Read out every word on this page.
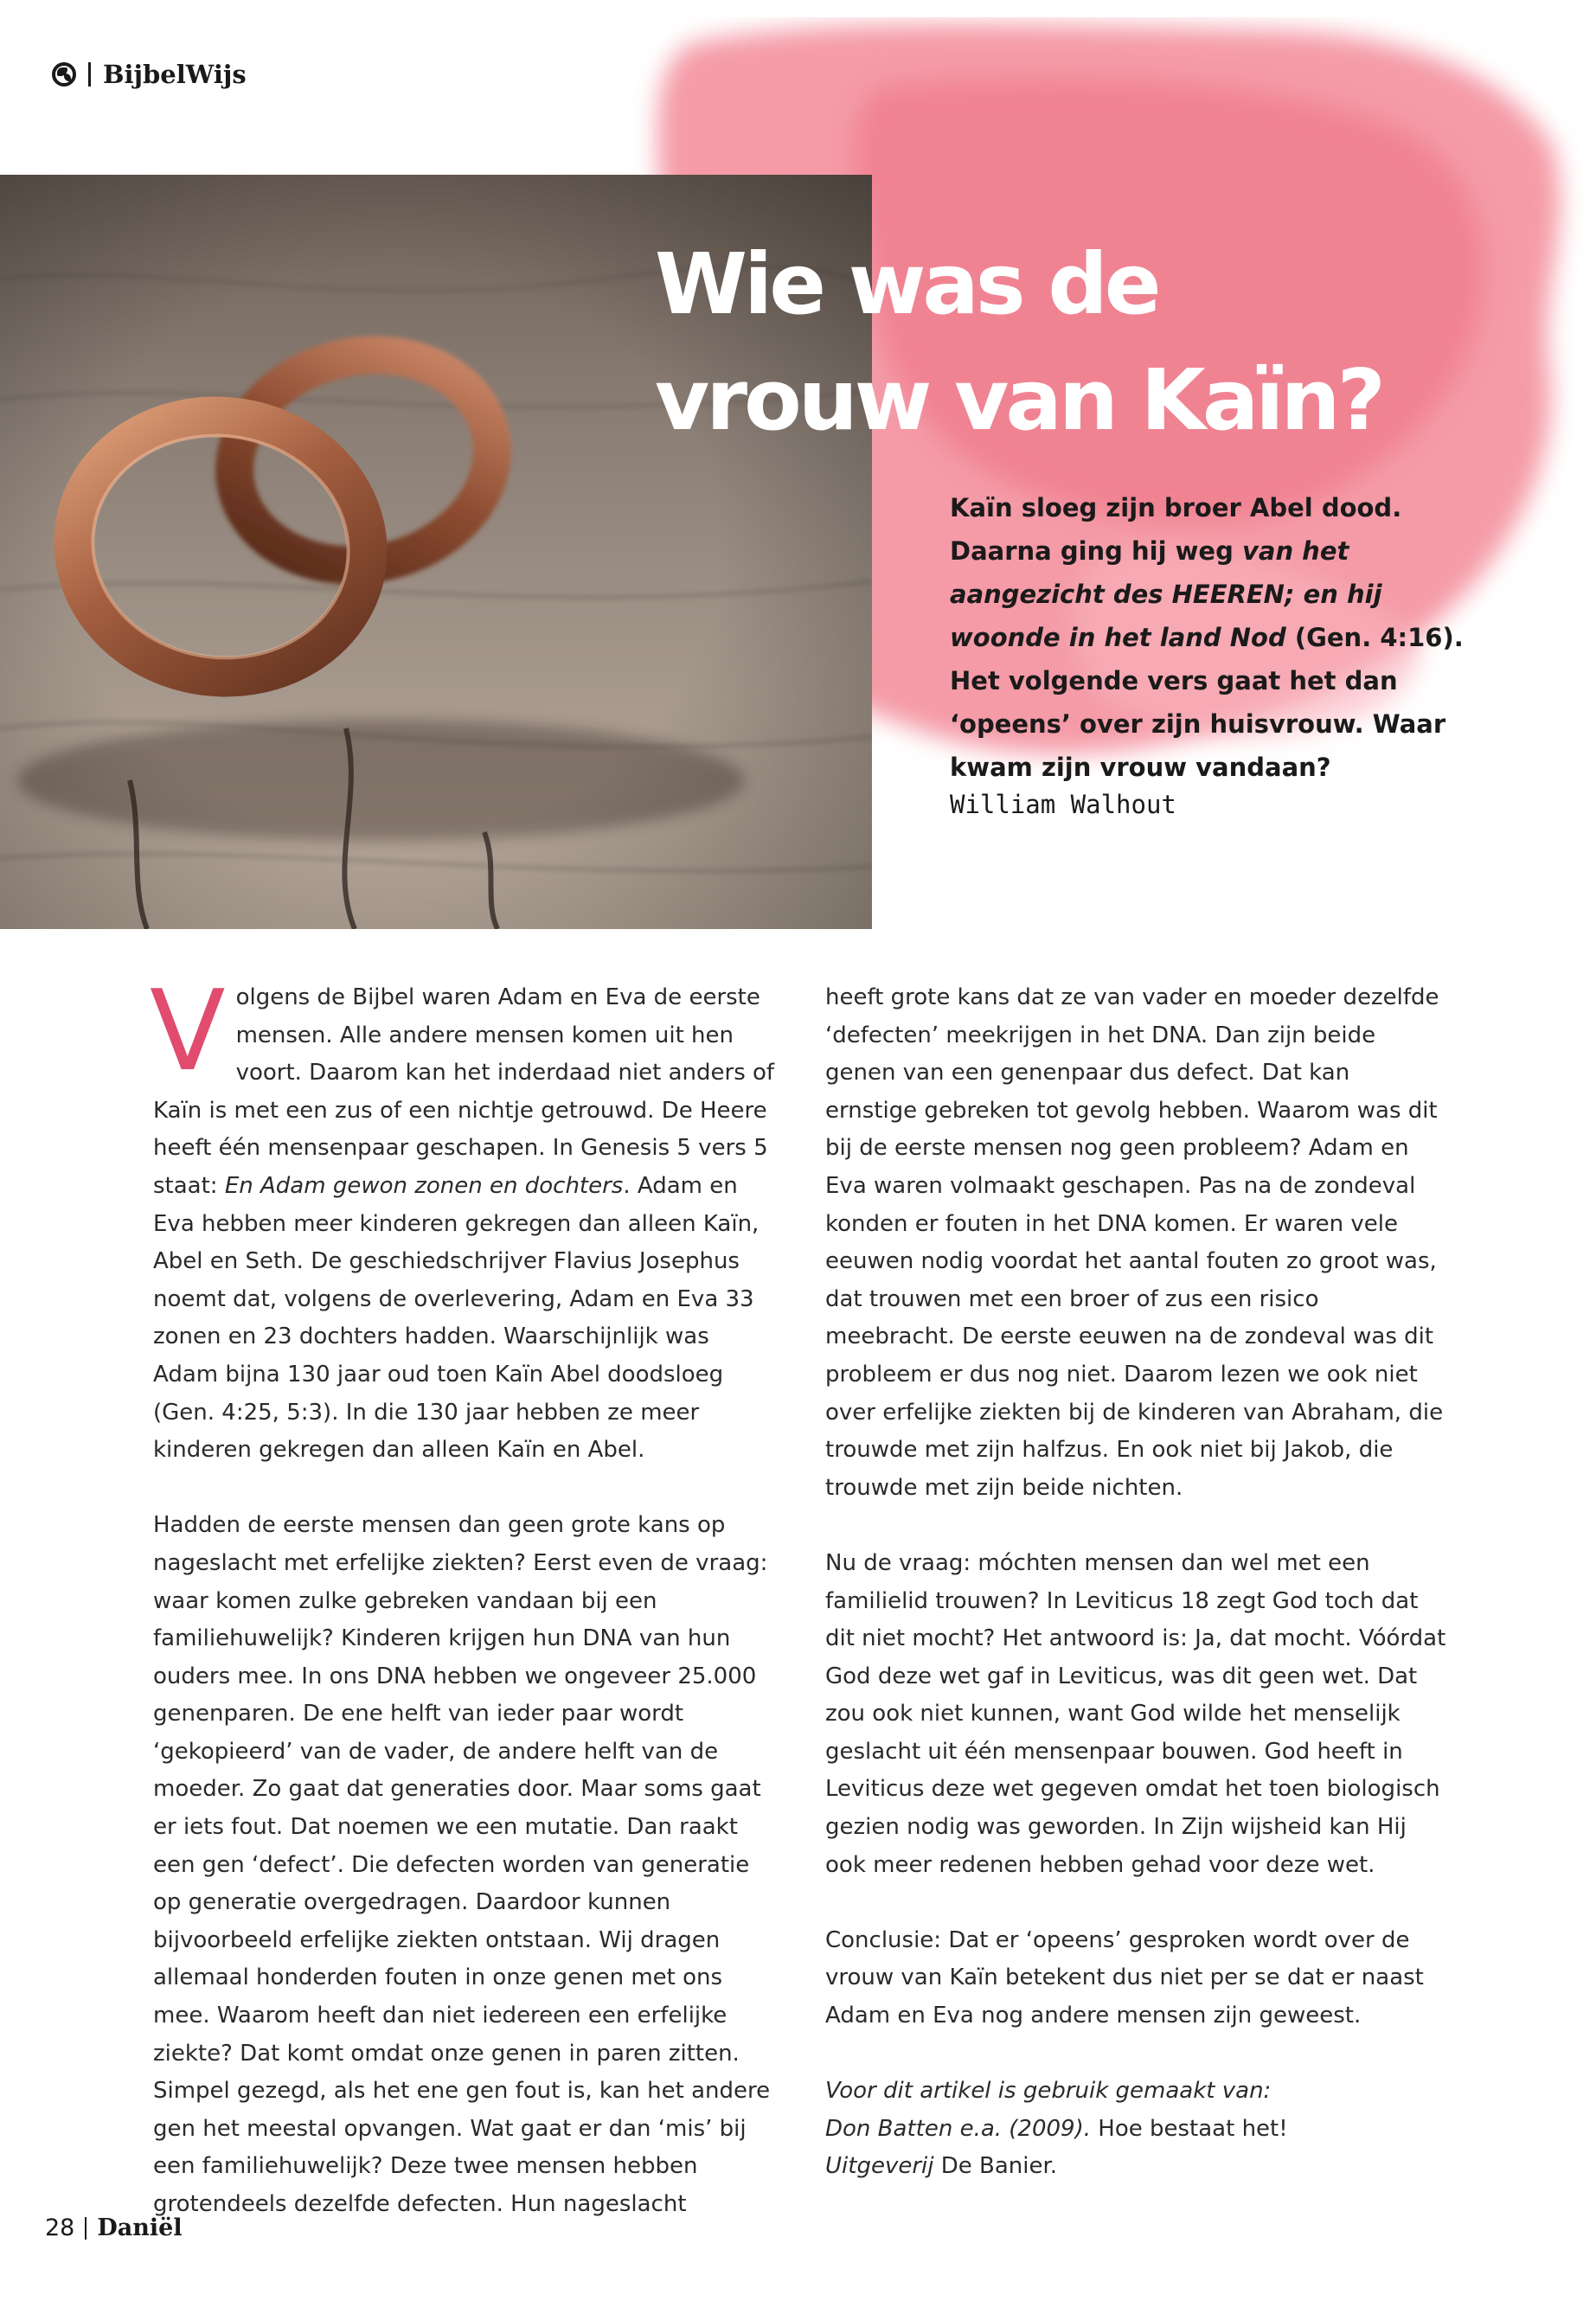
BijbelWijs
Wie was de
vrouw van Kaïn?

Kaïn sloeg zijn broer Abel dood. Daarna ging hij weg van het aangezicht des HEEREN; en hij woonde in het land Nod (Gen. 4:16). Het volgende vers gaat het dan ‘opeens’ over zijn huisvrouw. Waar kwam zijn vrouw vandaan?

William Walhout

Volgens de Bijbel waren Adam en Eva de eerste mensen. Alle andere mensen komen uit hen voort. Daarom kan het inderdaad niet anders of Kaïn is met een zus of een nichtje getrouwd. De Heere heeft één mensenpaar geschapen. In Genesis 5 vers 5 staat: En Adam gewon zonen en dochters. Adam en Eva hebben meer kinderen gekregen dan alleen Kaïn, Abel en Seth. De geschiedschrijver Flavius Josephus noemt dat, volgens de overlevering, Adam en Eva 33 zonen en 23 dochters hadden. Waarschijnlijk was Adam bijna 130 jaar oud toen Kaïn Abel doodsloeg (Gen. 4:25, 5:3). In die 130 jaar hebben ze meer kinderen gekregen dan alleen Kaïn en Abel.

Hadden de eerste mensen dan geen grote kans op nageslacht met erfelijke ziekten? Eerst even de vraag: waar komen zulke gebreken vandaan bij een familiehuwelijk? Kinderen krijgen hun DNA van hun ouders mee. In ons DNA hebben we ongeveer 25.000 genenparen. De ene helft van ieder paar wordt ‘gekopieerd’ van de vader, de andere helft van de moeder. Zo gaat dat generaties door. Maar soms gaat er iets fout. Dat noemen we een mutatie. Dan raakt een gen ‘defect’. Die defecten worden van generatie op generatie overgedragen. Daardoor kunnen bijvoorbeeld erfelijke ziekten ontstaan. Wij dragen allemaal honderden fouten in onze genen met ons mee. Waarom heeft dan niet iedereen een erfelijke ziekte? Dat komt omdat onze genen in paren zitten. Simpel gezegd, als het ene gen fout is, kan het andere gen het meestal opvangen. Wat gaat er dan ‘mis’ bij een familiehuwelijk? Deze twee mensen hebben grotendeels dezelfde defecten. Hun nageslacht

heeft grote kans dat ze van vader en moeder dezelfde ‘defecten’ meekrijgen in het DNA. Dan zijn beide genen van een genenpaar dus defect. Dat kan ernstige gebreken tot gevolg hebben. Waarom was dit bij de eerste mensen nog geen probleem? Adam en Eva waren volmaakt geschapen. Pas na de zondeval konden er fouten in het DNA komen. Er waren vele eeuwen nodig voordat het aantal fouten zo groot was, dat trouwen met een broer of zus een risico meebracht. De eerste eeuwen na de zondeval was dit probleem er dus nog niet. Daarom lezen we ook niet over erfelijke ziekten bij de kinderen van Abraham, die trouwde met zijn halfzus. En ook niet bij Jakob, die trouwde met zijn beide nichten.

Nu de vraag: móchten mensen dan wel met een familielid trouwen? In Leviticus 18 zegt God toch dat dit niet mocht? Het antwoord is: Ja, dat mocht. Vóórdat God deze wet gaf in Leviticus, was dit geen wet. Dat zou ook niet kunnen, want God wilde het menselijk geslacht uit één mensenpaar bouwen. God heeft in Leviticus deze wet gegeven omdat het toen biologisch gezien nodig was geworden. In Zijn wijsheid kan Hij ook meer redenen hebben gehad voor deze wet.

Conclusie: Dat er ‘opeens’ gesproken wordt over de vrouw van Kaïn betekent dus niet per se dat er naast Adam en Eva nog andere mensen zijn geweest.

Voor dit artikel is gebruik gemaakt van:
Don Batten e.a. (2009). Hoe bestaat het!
Uitgeverij De Banier.

28 Daniël
